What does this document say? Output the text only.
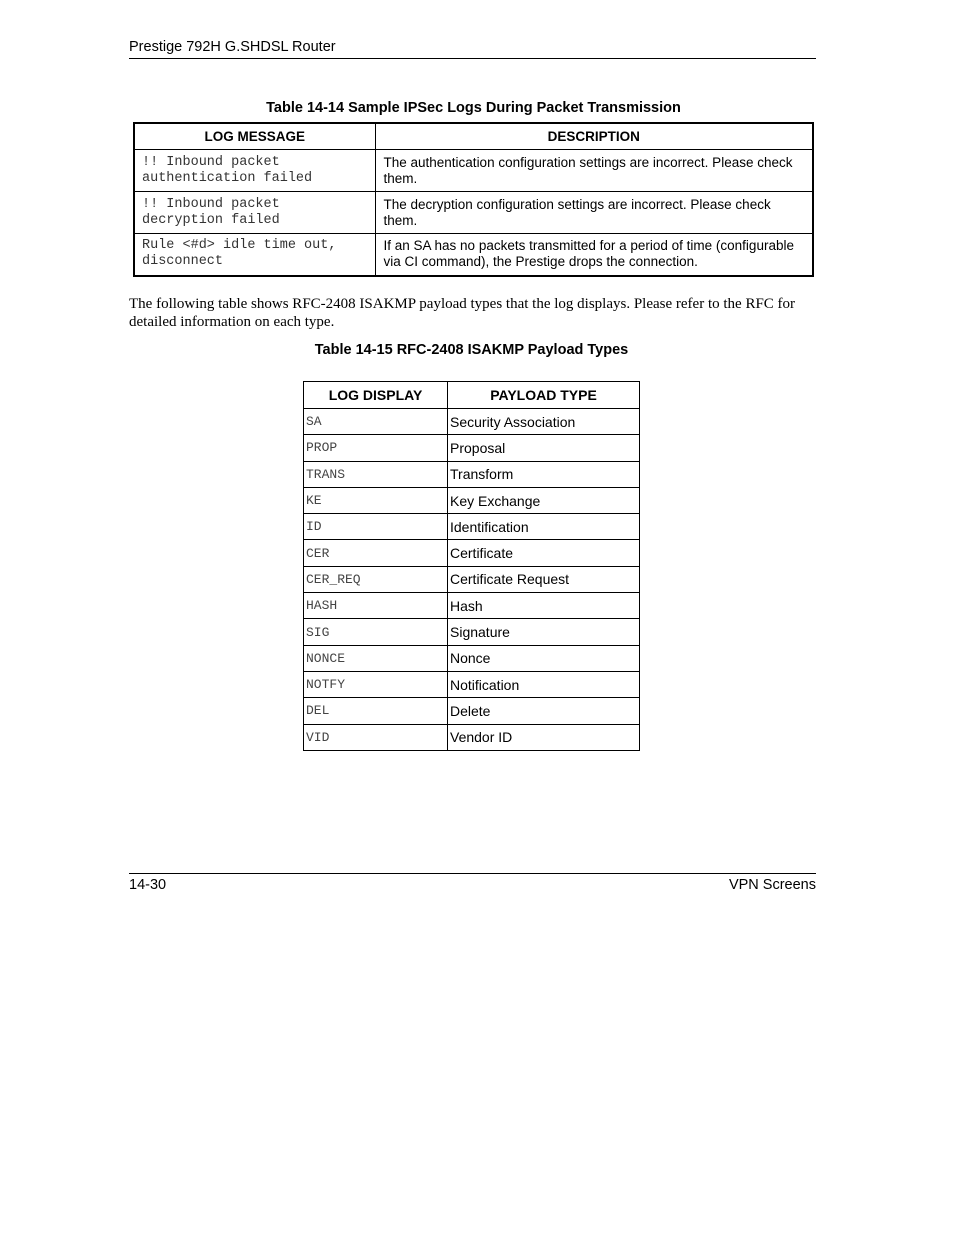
Prestige 792H G.SHDSL Router
Table 14-14 Sample IPSec Logs During Packet Transmission
LOG MESSAGE	DESCRIPTION
!! Inbound packet
authentication failed	The authentication configuration settings are incorrect. Please check them.
!! Inbound packet
decryption failed	The decryption configuration settings are incorrect. Please check them.
Rule <#d> idle time out,
disconnect	If an SA has no packets transmitted for a period of time (configurable via CI command), the Prestige drops the connection.
The following table shows RFC-2408 ISAKMP payload types that the log displays. Please refer to the RFC for detailed information on each type.
Table 14-15 RFC-2408 ISAKMP Payload Types
LOG DISPLAY	PAYLOAD TYPE
SA	Security Association
PROP	Proposal
TRANS	Transform
KE	Key Exchange
ID	Identification
CER	Certificate
CER_REQ	Certificate Request
HASH	Hash
SIG	Signature
NONCE	Nonce
NOTFY	Notification
DEL	Delete
VID	Vendor ID
14-30	VPN Screens
